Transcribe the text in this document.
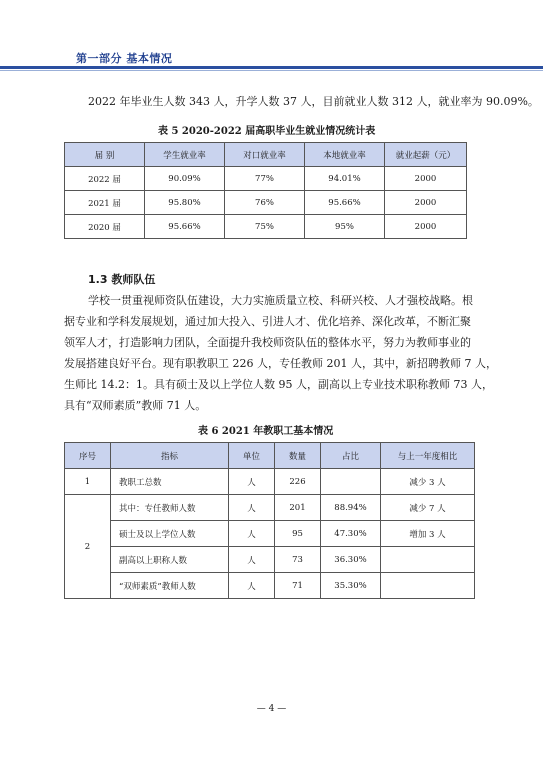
第一部分 基本情况
2022 年毕业生人数 343 人，升学人数 37 人，目前就业人数 312 人，就业率为 90.09%。
表 5 2020-2022 届高职毕业生就业情况统计表
届 别	学生就业率	对口就业率	本地就业率	就业起薪（元）
2022 届	90.09%	77%	94.01%	2000
2021 届	95.80%	76%	95.66%	2000
2020 届	95.66%	75%	95%	2000
1.3 教师队伍
学校一贯重视师资队伍建设，大力实施质量立校、科研兴校、人才强校战略。根
据专业和学科发展规划，通过加大投入、引进人才、优化培养、深化改革，不断汇聚
领军人才，打造影响力团队，全面提升我校师资队伍的整体水平，努力为教师事业的
发展搭建良好平台。现有职教职工 226 人，专任教师 201 人，其中，新招聘教师 7 人，
生师比 14.2：1。具有硕士及以上学位人数 95 人，副高以上专业技术职称教师 73 人，
具有“双师素质”教师 71 人。
表 6 2021 年教职工基本情况
序号	指标	单位	数量	占比	与上一年度相比
1	教职工总数	人	226		减少 3 人
2	其中：专任教师人数	人	201	88.94%	减少 7 人
	硕士及以上学位人数	人	95	47.30%	增加 3 人
	副高以上职称人数	人	73	36.30%	
	“双师素质”教师人数	人	71	35.30%	
— 4 —
